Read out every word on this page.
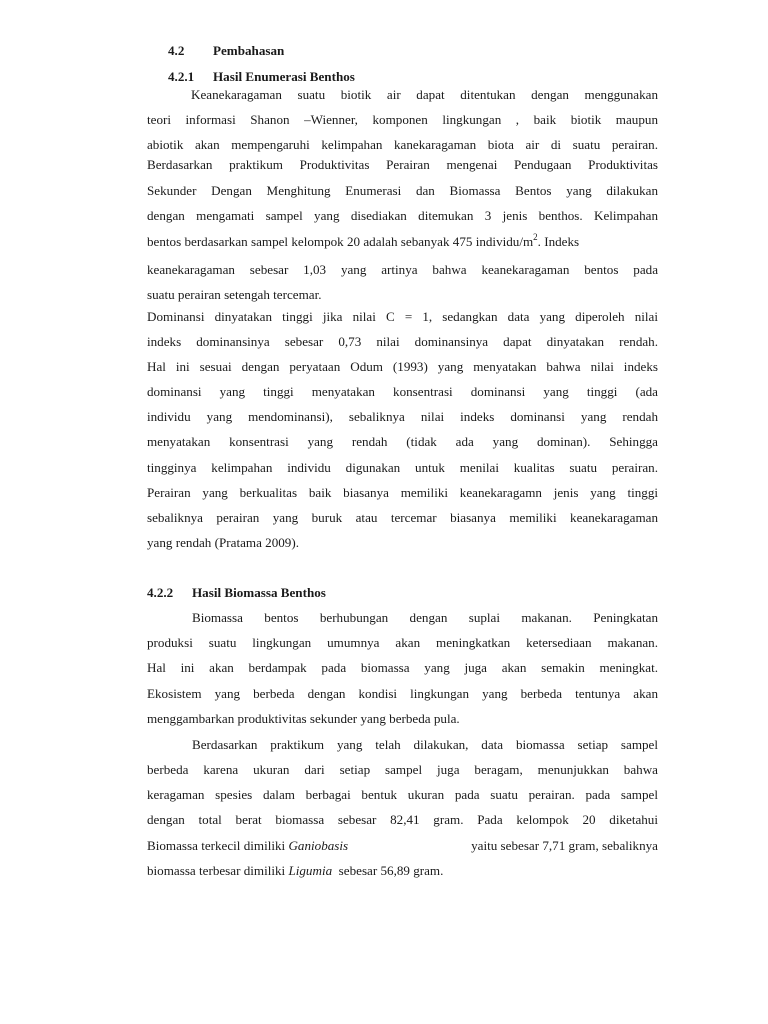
4.2 Pembahasan
4.2.1 Hasil Enumerasi Benthos
Keanekaragaman suatu biotik air dapat ditentukan dengan menggunakan
teori informasi Shanon –Wienner, komponen lingkungan , baik biotik maupun
abiotik akan mempengaruhi kelimpahan kanekaragaman biota air di suatu perairan.
Berdasarkan praktikum Produktivitas Perairan mengenai Pendugaan Produktivitas
Sekunder Dengan Menghitung Enumerasi dan Biomassa Bentos yang dilakukan
dengan mengamati sampel yang disediakan ditemukan 3 jenis benthos. Kelimpahan
bentos berdasarkan sampel kelompok 20 adalah sebanyak 475 individu/$m^2$. Indeks
keanekaragaman sebesar 1,03 yang artinya bahwa keanekaragaman bentos pada
suatu perairan setengah tercemar.
Dominansi dinyatakan tinggi jika nilai C = 1, sedangkan data yang diperoleh nilai
indeks dominansinya sebesar 0,73 nilai dominansinya dapat dinyatakan rendah.
Hal ini sesuai dengan peryataan Odum (1993) yang menyatakan bahwa nilai indeks
dominansi yang tinggi menyatakan konsentrasi dominansi yang tinggi (ada
individu yang mendominansi), sebaliknya nilai indeks dominansi yang rendah
menyatakan konsentrasi yang rendah (tidak ada yang dominan). Sehingga
tingginya kelimpahan individu digunakan untuk menilai kualitas suatu perairan.
Perairan yang berkualitas baik biasanya memiliki keanekaragamn jenis yang tinggi
sebaliknya perairan yang buruk atau tercemar biasanya memiliki keanekaragaman
yang rendah (Pratama 2009).
4.2.2 Hasil Biomassa Benthos
Biomassa bentos berhubungan dengan suplai makanan. Peningkatan
produksi suatu lingkungan umumnya akan meningkatkan ketersediaan makanan.
Hal ini akan berdampak pada biomassa yang juga akan semakin meningkat.
Ekosistem yang berbeda dengan kondisi lingkungan yang berbeda tentunya akan
menggambarkan produktivitas sekunder yang berbeda pula.
Berdasarkan praktikum yang telah dilakukan, data biomassa setiap sampel
berbeda karena ukuran dari setiap sampel juga beragam, menunjukkan bahwa
keragaman spesies dalam berbagai bentuk ukuran pada suatu perairan. pada sampel
dengan total berat biomassa sebesar 82,41 gram. Pada kelompok 20 diketahui
Biomassa terkecil dimiliki Ganiobasis	yaitu sebesar 7,71 gram, sebaliknya
biomassa terbesar dimiliki Ligumia  sebesar 56,89 gram.
